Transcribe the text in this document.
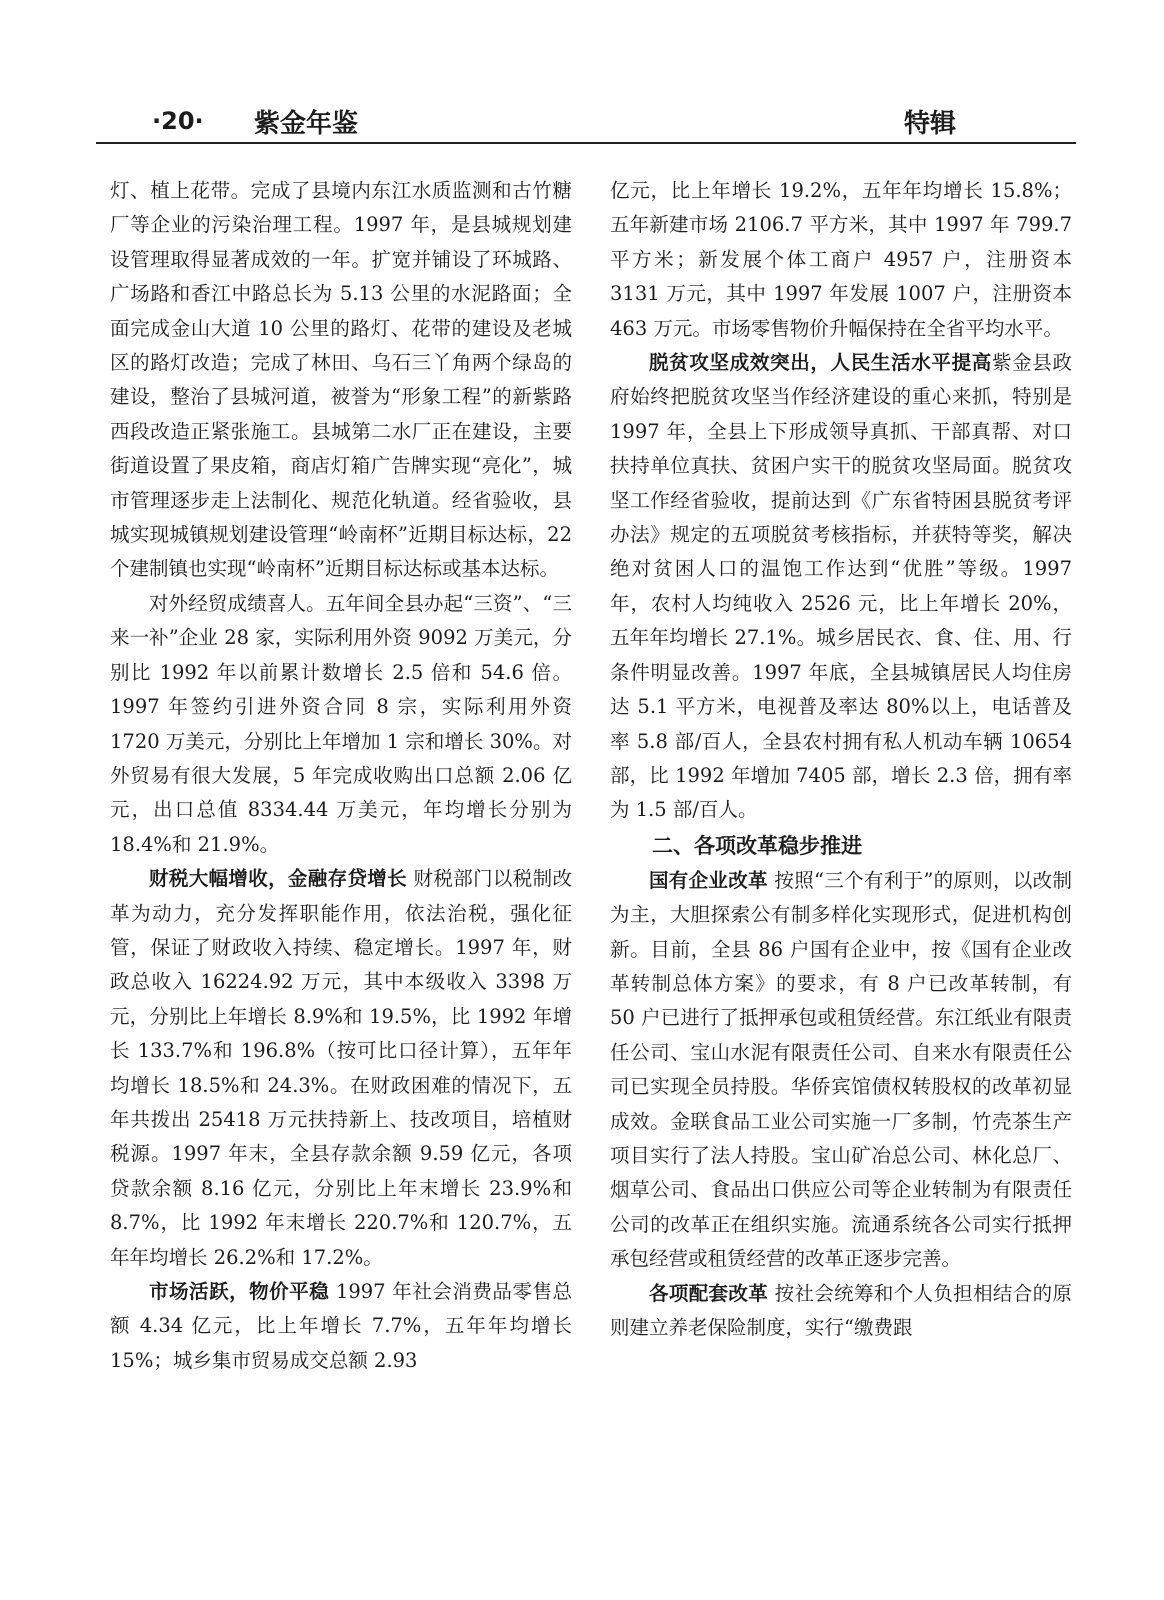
·20· 紫金年鉴	特辑

灯、植上花带。完成了县境内东江水质监测和古竹糖厂等企业的污染治理工程。1997 年，是县城规划建设管理取得显著成效的一年。扩宽并铺设了环城路、广场路和香江中路总长为 5.13 公里的水泥路面；全面完成金山大道 10 公里的路灯、花带的建设及老城区的路灯改造；完成了林田、乌石三丫角两个绿岛的建设，整治了县城河道，被誉为“形象工程”的新紫路西段改造正紧张施工。县城第二水厂正在建设，主要街道设置了果皮箱，商店灯箱广告牌实现“亮化”，城市管理逐步走上法制化、规范化轨道。经省验收，县城实现城镇规划建设管理“岭南杯”近期目标达标，22 个建制镇也实现“岭南杯”近期目标达标或基本达标。

对外经贸成绩喜人。五年间全县办起“三资”、“三来一补”企业 28 家，实际利用外资 9092 万美元，分别比 1992 年以前累计数增长 2.5 倍和 54.6 倍。1997 年签约引进外资合同 8 宗，实际利用外资 1720 万美元，分别比上年增加 1 宗和增长 30%。对外贸易有很大发展，5 年完成收购出口总额 2.06 亿元，出口总值 8334.44 万美元，年均增长分别为 18.4%和 21.9%。

财税大幅增收，金融存贷增长 财税部门以税制改革为动力，充分发挥职能作用，依法治税，强化征管，保证了财政收入持续、稳定增长。1997 年，财政总收入 16224.92 万元，其中本级收入 3398 万元，分别比上年增长 8.9%和 19.5%，比 1992 年增长 133.7%和 196.8%（按可比口径计算），五年年均增长 18.5%和 24.3%。在财政困难的情况下，五年共拨出 25418 万元扶持新上、技改项目，培植财税源。1997 年末，全县存款余额 9.59 亿元，各项贷款余额 8.16 亿元，分别比上年末增长 23.9%和 8.7%，比 1992 年末增长 220.7%和 120.7%，五年年均增长 26.2%和 17.2%。

市场活跃，物价平稳 1997 年社会消费品零售总额 4.34 亿元，比上年增长 7.7%，五年年均增长 15%；城乡集市贸易成交总额 2.93

亿元，比上年增长 19.2%，五年年均增长 15.8%；五年新建市场 2106.7 平方米，其中 1997 年 799.7 平方米；新发展个体工商户 4957 户，注册资本 3131 万元，其中 1997 年发展 1007 户，注册资本 463 万元。市场零售物价升幅保持在全省平均水平。

脱贫攻坚成效突出，人民生活水平提高紫金县政府始终把脱贫攻坚当作经济建设的重心来抓，特别是 1997 年，全县上下形成领导真抓、干部真帮、对口扶持单位真扶、贫困户实干的脱贫攻坚局面。脱贫攻坚工作经省验收，提前达到《广东省特困县脱贫考评办法》规定的五项脱贫考核指标，并获特等奖，解决绝对贫困人口的温饱工作达到“优胜”等级。1997 年，农村人均纯收入 2526 元，比上年增长 20%，五年年均增长 27.1%。城乡居民衣、食、住、用、行条件明显改善。1997 年底，全县城镇居民人均住房达 5.1 平方米，电视普及率达 80%以上，电话普及率 5.8 部/百人，全县农村拥有私人机动车辆 10654 部，比 1992 年增加 7405 部，增长 2.3 倍，拥有率为 1.5 部/百人。

二、各项改革稳步推进

国有企业改革 按照“三个有利于”的原则，以改制为主，大胆探索公有制多样化实现形式，促进机构创新。目前，全县 86 户国有企业中，按《国有企业改革转制总体方案》的要求，有 8 户已改革转制，有 50 户已进行了抵押承包或租赁经营。东江纸业有限责任公司、宝山水泥有限责任公司、自来水有限责任公司已实现全员持股。华侨宾馆债权转股权的改革初显成效。金联食品工业公司实施一厂多制，竹壳茶生产项目实行了法人持股。宝山矿冶总公司、林化总厂、烟草公司、食品出口供应公司等企业转制为有限责任公司的改革正在组织实施。流通系统各公司实行抵押承包经营或租赁经营的改革正逐步完善。

各项配套改革 按社会统筹和个人负担相结合的原则建立养老保险制度，实行“缴费跟
